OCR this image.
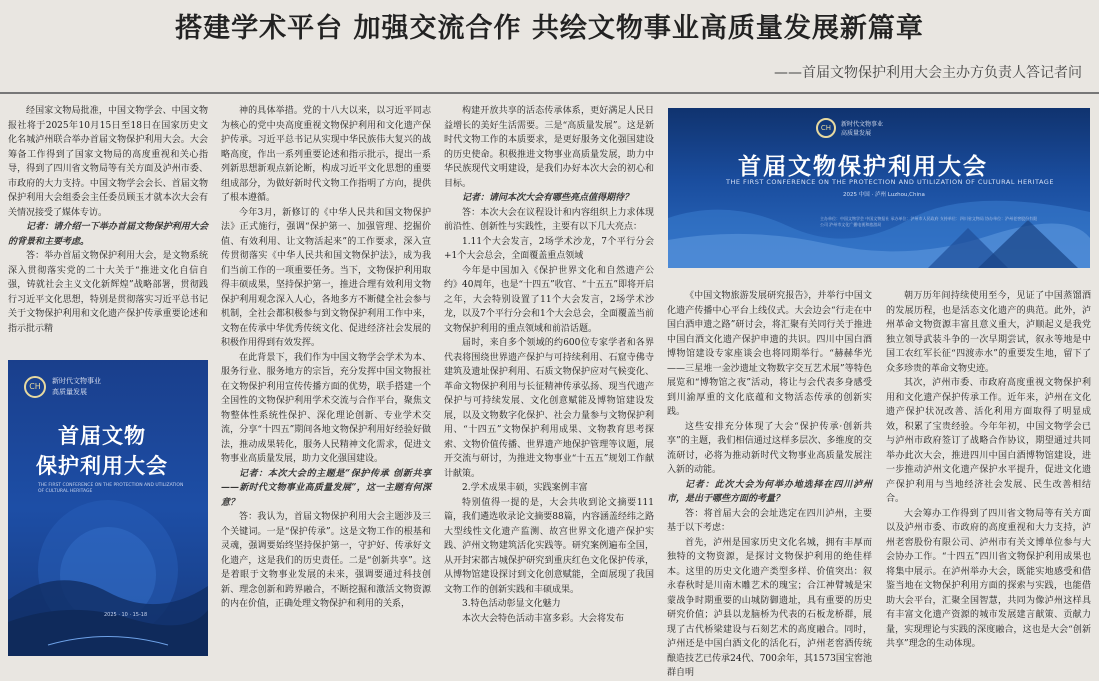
搭建学术平台 加强交流合作 共绘文物事业高质量发展新篇章
——首届文物保护利用大会主办方负责人答记者问

经国家文物局批准，中国文物学会、中国文物报社将于2025年10月15日至18日在国家历史文化名城泸州联合举办首届文物保护利用大会。大会筹备工作得到了国家文物局的高度重视和关心指导，得到了四川省文物局等有关方面及泸州市委、市政府的大力支持。中国文物学会会长、首届文物保护利用大会组委会主任委员顾玉才就本次大会有关情况接受了媒体专访。

记者：请介绍一下举办首届文物保护利用大会的背景和主要考虑。

答：举办首届文物保护利用大会，是文物系统深入贯彻落实党的二十大关于“推进文化自信自强，铸就社会主义文化新辉煌”战略部署，贯彻践行习近平文化思想，特别是贯彻落实习近平总书记关于文物保护利用和文化遗产保护传承重要论述和指示批示精

神的具体举措。党的十八大以来，以习近平同志为核心的党中央高度重视文物保护利用和文化遗产保护传承。习近平总书记从实现中华民族伟大复兴的战略高度，作出一系列重要论述和指示批示，提出一系列新思想新观点新论断，构成习近平文化思想的重要组成部分，为做好新时代文物工作指明了方向，提供了根本遵循。

今年3月，新修订的《中华人民共和国文物保护法》正式施行，强调“保护第一、加强管理、挖掘价值、有效利用、让文物活起来”的工作要求，深入宣传贯彻落实《中华人民共和国文物保护法》，成为我们当前工作的一项重要任务。当下，文物保护利用取得丰硕成果，坚持保护第一，推进合理有效利用文物保护利用观念深入人心，各地多方不断健全社会参与机制，全社会都积极参与到文物保护利用工作中来，文物在传承中华优秀传统文化、促进经济社会发展的积极作用得到有效发挥。

在此背景下，我们作为中国文物学会学术为本、服务行业、服务地方的宗旨，充分发挥中国文物报社在文物保护利用宣传传播方面的优势，联手搭建一个全国性的文物保护利用学术交流与合作平台，聚焦文物整体性系统性保护、深化理论创新、专业学术交流，分享“十四五”期间各地文物保护利用好经验好做法，推动成果转化，服务人民精神文化需求，促进文物事业高质量发展，助力文化强国建设。

记者：本次大会的主题是“保护传承 创新共享——新时代文物事业高质量发展”，这一主题有何深意？

答：我认为，首届文物保护利用大会主题涉及三个关键词。一是“保护传承”。这是文物工作的根基和灵魂，强调要始终坚持保护第一，守护好、传承好文化遗产，这是我们的历史责任。二是“创新共享”。这是着眼于文物事业发展的未来，强调要通过科技创新、理念创新和跨界融合，不断挖掘和激活文物资源的内在价值，正确处理文物保护和利用的关系，

构建开放共享的活态传承体系，更好满足人民日益增长的美好生活需要。三是“高质量发展”。这是新时代文物工作的本质要求，是更好服务文化强国建设的历史使命。积极推进文物事业高质量发展，助力中华民族现代文明建设，是我们办好本次大会的初心和目标。

记者：请问本次大会有哪些亮点值得期待？

答：本次大会在议程设计和内容组织上力求体现前沿性、创新性与实践性，主要有以下几大亮点：

1.11个大会发言，2场学术沙龙，7个平行分会+1个大会总会，全面覆盖重点领域

今年是中国加入《保护世界文化和自然遗产公约》40周年，也是“十四五”收官、“十五五”即将开启之年，大会特别设置了11个大会发言，2场学术沙龙，以及7个平行分会和1个大会总会，全面覆盖当前文物保护利用的重点领域和前沿话题。

届时，来自多个领域的约600位专家学者和各界代表将围绕世界遗产保护与可持续利用、石窟寺佛寺建筑及遗址保护利用、石质文物保护应对气候变化、革命文物保护利用与长征精神传承弘扬、现当代遗产保护与可持续发展、文化创意赋能及博物馆建设发展，以及文物数字化保护、社会力量参与文物保护利用、“十四五”文物保护利用成果、文物教育思考探索、文物价值传播、世界遗产地保护管理等议题，展开交流与研讨，为推进文物事业“十五五”规划工作献计献策。

2.学术成果丰硕，实践案例丰富

特别值得一提的是，大会共收到论文摘要111篇，我们遴选收录论文摘要88篇，内容涵盖经纬之路大型线性文化遗产监测、故宫世界文化遗产保护实践、泸州文物建筑活化实践等。研究案例遍布全国，从开封宋都古城保护研究到重庆红色文化保护传承，从博物馆建设探讨到文化创意赋能，全面展现了我国文物工作的创新实践和丰硕成果。

3.特色活动彰显文化魅力

本次大会特色活动丰富多彩。大会将发布

《中国文物旅游发展研究报告》，并举行中国文化遗产传播中心平台上线仪式。大会边会“行走在中国白酒申遗之路”研讨会，将汇聚有关同行关于推进中国白酒文化遗产保护申遗的共识。四川中国白酒博物馆建设专家座谈会也将同期举行。“赫赫华光——三星堆一金沙遗址文物数字交互艺术展”等特色展览和“博物馆之夜”活动，将让与会代表多身感受到川渝厚重的文化底蕴和文物活态传承的创新实践。

这些安排充分体现了大会“保护传承·创新共享”的主题，我们相信通过这样多层次、多维度的交流研讨，必将为推动新时代文物事业高质量发展注入新的动能。

记者：此次大会为何举办地选择在四川泸州市，是出于哪些方面的考量？

答：将首届大会的会址选定在四川泸州，主要基于以下考虑：

首先，泸州是国家历史文化名城，拥有丰厚而独特的文物资源，是探讨文物保护利用的绝佳样本。这里的历史文化遗产类型多样、价值突出：叙永春秋时是川南木雕艺术的瑰宝；合江神臂城是宋蒙战争时期重要的山城防御遗址，具有重要的历史研究价值；泸县以龙脑桥为代表的石板龙桥群，展现了古代桥梁建设与石刻艺术的高度融合。同时，泸州还是中国白酒文化的活化石，泸州老窖酒传统酿造技艺已传承24代、700余年，其1573国宝窖池群自明

朝万历年间持续使用至今，见证了中国蒸馏酒的发展历程，也是活态文化遗产的典范。此外，泸州革命文物资源丰富且意义重大，泸顺起义是我党独立领导武装斗争的一次早期尝试，叙永等地是中国工农红军长征“四渡赤水”的重要发生地，留下了众多珍贵的革命文物史迹。

其次，泸州市委、市政府高度重视文物保护利用和文化遗产保护传承工作。近年来，泸州在文化遗产保护状况改善、活化利用方面取得了明显成效，积累了宝贵经验。今年年初，中国文物学会已与泸州市政府签订了战略合作协议，期望通过共同举办此次大会，推进四川中国白酒博物馆建设，进一步推动泸州文化遗产保护水平提升，促进文化遗产保护利用与当地经济社会发展、民生改善相结合。

大会筹办工作得到了四川省文物局等有关方面以及泸州市委、市政府的高度重视和大力支持，泸州老窖股份有限公司、泸州市有关文博单位参与大会协办工作。“十四五”四川省文物保护利用成果也将集中展示。在泸州举办大会，既能实地感受和借鉴当地在文物保护利用方面的探索与实践，也能借助大会平台，汇聚全国智慧，共同为像泸州这样具有丰富文化遗产资源的城市发展建言献策、贡献力量，实现理论与实践的深度融合，这也是大会“创新共享”理念的生动体现。

CH
新时代文物事业
高质量发展
首届文物
保护利用大会
THE FIRST CONFERENCE ON THE PROTECTION AND UTILIZATION OF CULTURAL HERITAGE
2025 · 10 · 15-18
CH	新时代文物事业
高质量发展
首届文物保护利用大会
THE FIRST CONFERENCE ON THE PROTECTION AND UTILIZATION OF CULTURAL HERITAGE
2025 中国 · 泸州 Luzhou,China
主办单位：中国文物学会 中国文物报社 承办单位：泸州市人民政府 支持单位：四川省文物局 协办单位：泸州老窖股份有限公司 泸州市文化广播电视和旅游局
